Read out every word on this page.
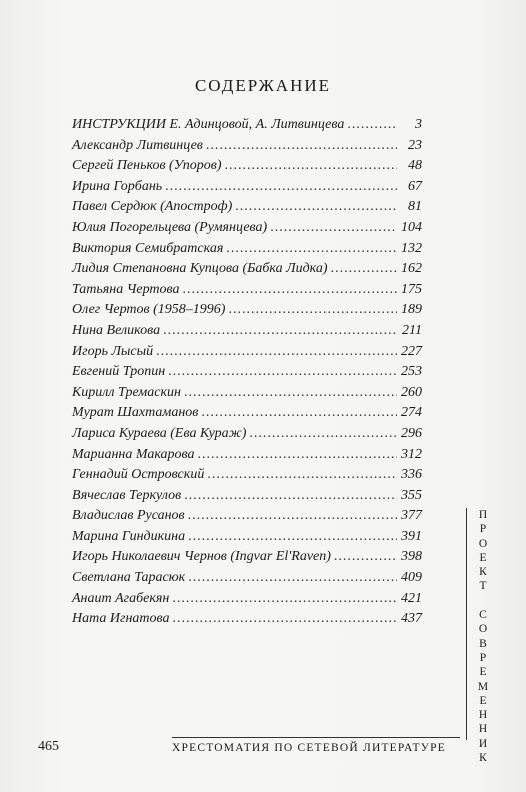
СОДЕРЖАНИЕ
ИНСТРУКЦИИ Е. Адинцовой, А. Литвинцева .....	3
Александр Литвинцев .....	23
Сергей Пеньков (Упоров) .....	48
Ирина Горбань .....	67
Павел Сердюк (Апостроф) .....	81
Юлия Погорельцева (Румянцева) .....	104
Виктория Семибратская .....	132
Лидия Степановна Купцова (Бабка Лидка) .....	162
Татьяна Чертова .....	175
Олег Чертов (1958–1996) .....	189
Нина Великова .....	211
Игорь Лысый .....	227
Евгений Тропин .....	253
Кирилл Тремаскин .....	260
Мурат Шахтаманов .....	274
Лариса Кураева (Ева Кураж) .....	296
Марианна Макарова .....	312
Геннадий Островский .....	336
Вячеслав Теркулов .....	355
Владислав Русанов .....	377
Марина Гиндикина .....	391
Игорь Николаевич Чернов (Ingvar El'Raven) .....	398
Светлана Тарасюк .....	409
Анаит Агабекян .....	421
Ната Игнатова .....	437
465	ХРЕСТОМАТИЯ ПО СЕТЕВОЙ ЛИТЕРАТУРЕ
П
Р
О
Е
К
Т

С
О
В
Р
Е
М
Е
Н
Н
И
К
